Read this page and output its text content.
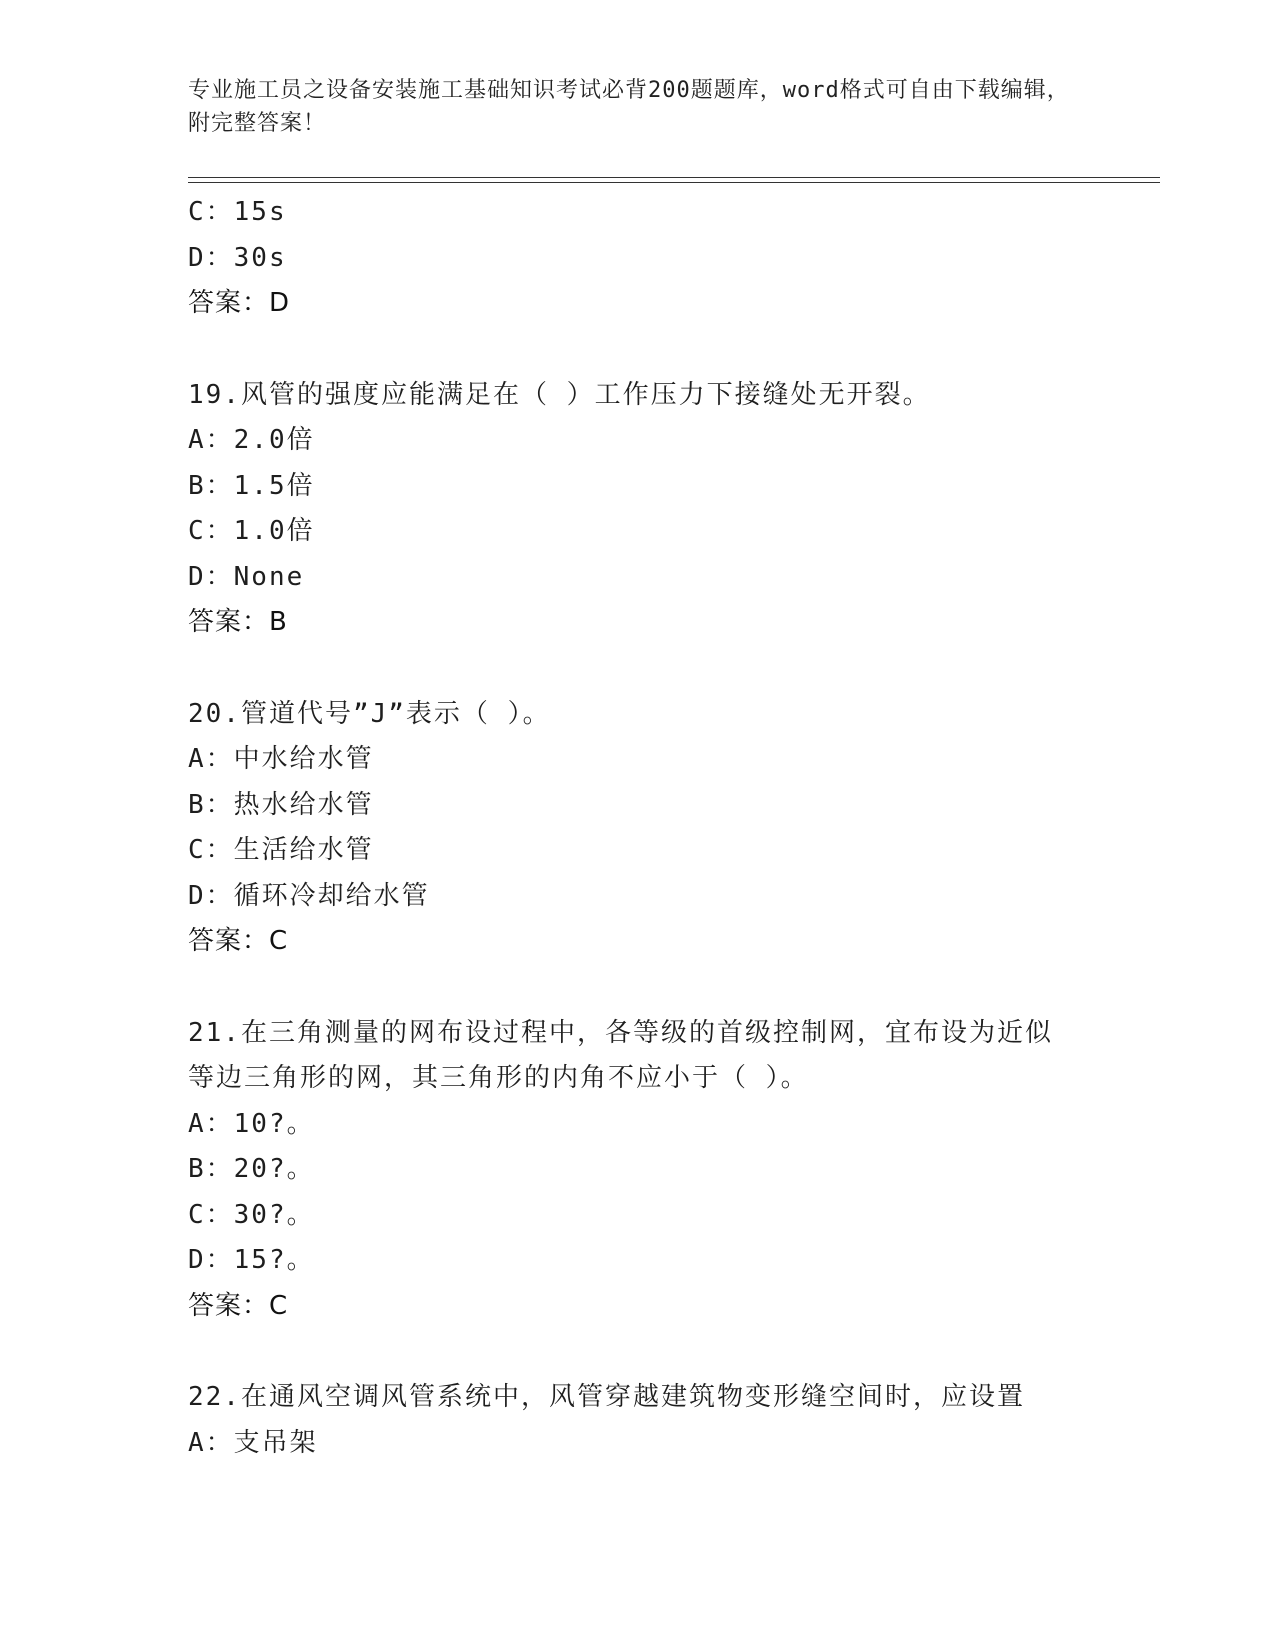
专业施工员之设备安装施工基础知识考试必背200题题库，word格式可自由下载编辑，附完整答案！
C：15s
D：30s
答案：D
19.风管的强度应能满足在（ ）工作压力下接缝处无开裂。
A：2.0倍
B：1.5倍
C：1.0倍
D：None
答案：B
20.管道代号”J”表示（ ）。
A：中水给水管
B：热水给水管
C：生活给水管
D：循环冷却给水管
答案：C
21.在三角测量的网布设过程中，各等级的首级控制网，宜布设为近似
等边三角形的网，其三角形的内角不应小于（ ）。
A：10?。
B：20?。
C：30?。
D：15?。
答案：C
22.在通风空调风管系统中，风管穿越建筑物变形缝空间时，应设置
A：支吊架
